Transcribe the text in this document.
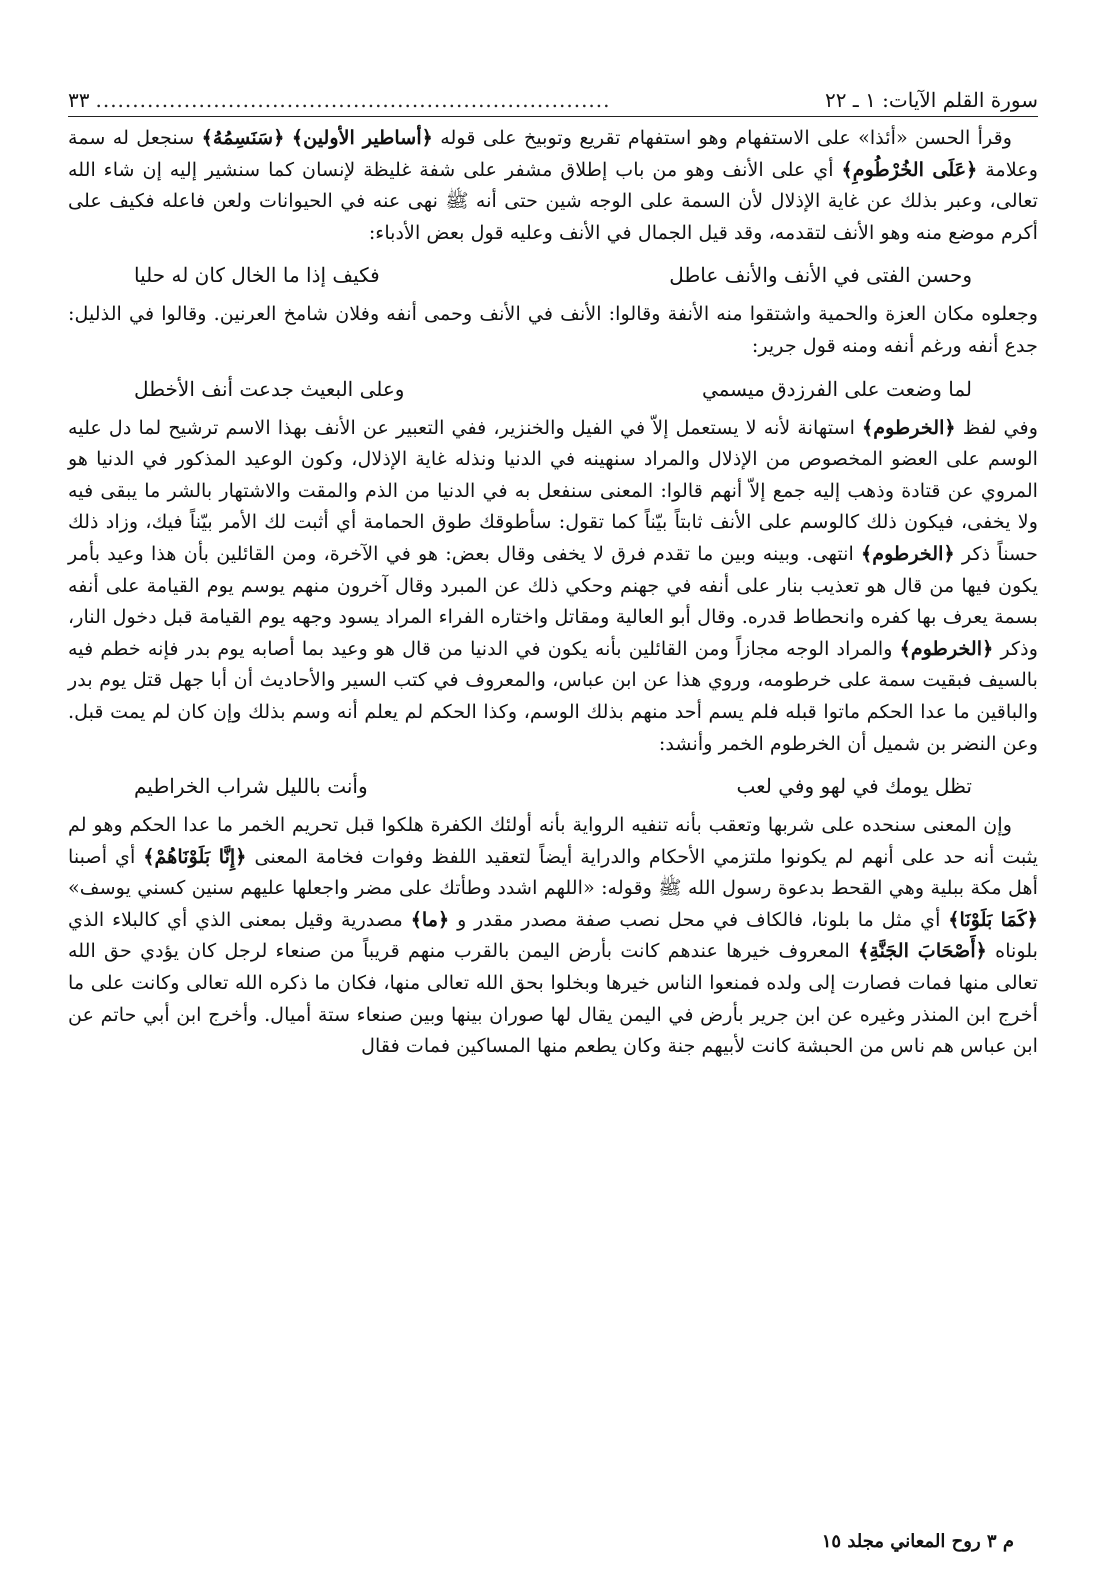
سورة القلم الآيات: ١ ـ ٢٢
......................................................................
٣٣

وقرأ الحسن «أئذا» على الاستفهام وهو استفهام تقريع وتوبيخ على قوله ﴿أساطير الأولين﴾ ﴿سَنَسِمُهُ﴾ سنجعل له سمة وعلامة ﴿عَلَى الخُرْطُومِ﴾ أي على الأنف وهو من باب إطلاق مشفر على شفة غليظة لإنسان كما سنشير إليه إن شاء الله تعالى، وعبر بذلك عن غاية الإذلال لأن السمة على الوجه شين حتى أنه ﷺ نهى عنه في الحيوانات ولعن فاعله فكيف على أكرم موضع منه وهو الأنف لتقدمه، وقد قيل الجمال في الأنف وعليه قول بعض الأدباء:

وحسن الفتى في الأنف والأنف عاطل
فكيف إذا ما الخال كان له حليا

وجعلوه مكان العزة والحمية واشتقوا منه الأنفة وقالوا: الأنف في الأنف وحمى أنفه وفلان شامخ العرنين. وقالوا في الذليل: جدع أنفه ورغم أنفه ومنه قول جرير:

لما وضعت على الفرزدق ميسمي
وعلى البعيث جدعت أنف الأخطل

وفي لفظ ﴿الخرطوم﴾ استهانة لأنه لا يستعمل إلاّ في الفيل والخنزير، ففي التعبير عن الأنف بهذا الاسم ترشيح لما دل عليه الوسم على العضو المخصوص من الإذلال والمراد سنهينه في الدنيا ونذله غاية الإذلال، وكون الوعيد المذكور في الدنيا هو المروي عن قتادة وذهب إليه جمع إلاّ أنهم قالوا: المعنى سنفعل به في الدنيا من الذم والمقت والاشتهار بالشر ما يبقى فيه ولا يخفى، فيكون ذلك كالوسم على الأنف ثابتاً بيّناً كما تقول: سأطوقك طوق الحمامة أي أثبت لك الأمر بيّناً فيك، وزاد ذلك حسناً ذكر ﴿الخرطوم﴾ انتهى. وبينه وبين ما تقدم فرق لا يخفى وقال بعض: هو في الآخرة، ومن القائلين بأن هذا وعيد بأمر يكون فيها من قال هو تعذيب بنار على أنفه في جهنم وحكي ذلك عن المبرد وقال آخرون منهم يوسم يوم القيامة على أنفه بسمة يعرف بها كفره وانحطاط قدره. وقال أبو العالية ومقاتل واختاره الفراء المراد يسود وجهه يوم القيامة قبل دخول النار، وذكر ﴿الخرطوم﴾ والمراد الوجه مجازاً ومن القائلين بأنه يكون في الدنيا من قال هو وعيد بما أصابه يوم بدر فإنه خطم فيه بالسيف فبقيت سمة على خرطومه، وروي هذا عن ابن عباس، والمعروف في كتب السير والأحاديث أن أبا جهل قتل يوم بدر والباقين ما عدا الحكم ماتوا قبله فلم يسم أحد منهم بذلك الوسم، وكذا الحكم لم يعلم أنه وسم بذلك وإن كان لم يمت قبل. وعن النضر بن شميل أن الخرطوم الخمر وأنشد:

تظل يومك في لهو وفي لعب
وأنت بالليل شراب الخراطيم

وإن المعنى سنحده على شربها وتعقب بأنه تنفيه الرواية بأنه أولئك الكفرة هلكوا قبل تحريم الخمر ما عدا الحكم وهو لم يثبت أنه حد على أنهم لم يكونوا ملتزمي الأحكام والدراية أيضاً لتعقيد اللفظ وفوات فخامة المعنى ﴿إِنَّا بَلَوْنَاهُمْ﴾ أي أصبنا أهل مكة ببلية وهي القحط بدعوة رسول الله ﷺ وقوله: «اللهم اشدد وطأتك على مضر واجعلها عليهم سنين كسني يوسف» ﴿كَمَا بَلَوْنَا﴾ أي مثل ما بلونا، فالكاف في محل نصب صفة مصدر مقدر و ﴿ما﴾ مصدرية وقيل بمعنى الذي أي كالبلاء الذي بلوناه ﴿أَصْحَابَ الجَنَّةِ﴾ المعروف خيرها عندهم كانت بأرض اليمن بالقرب منهم قريباً من صنعاء لرجل كان يؤدي حق الله تعالى منها فمات فصارت إلى ولده فمنعوا الناس خيرها وبخلوا بحق الله تعالى منها، فكان ما ذكره الله تعالى وكانت على ما أخرج ابن المنذر وغيره عن ابن جرير بأرض في اليمن يقال لها صوران بينها وبين صنعاء ستة أميال. وأخرج ابن أبي حاتم عن ابن عباس هم ناس من الحبشة كانت لأبيهم جنة وكان يطعم منها المساكين فمات فقال

م ٣ روح المعاني مجلد ١٥
